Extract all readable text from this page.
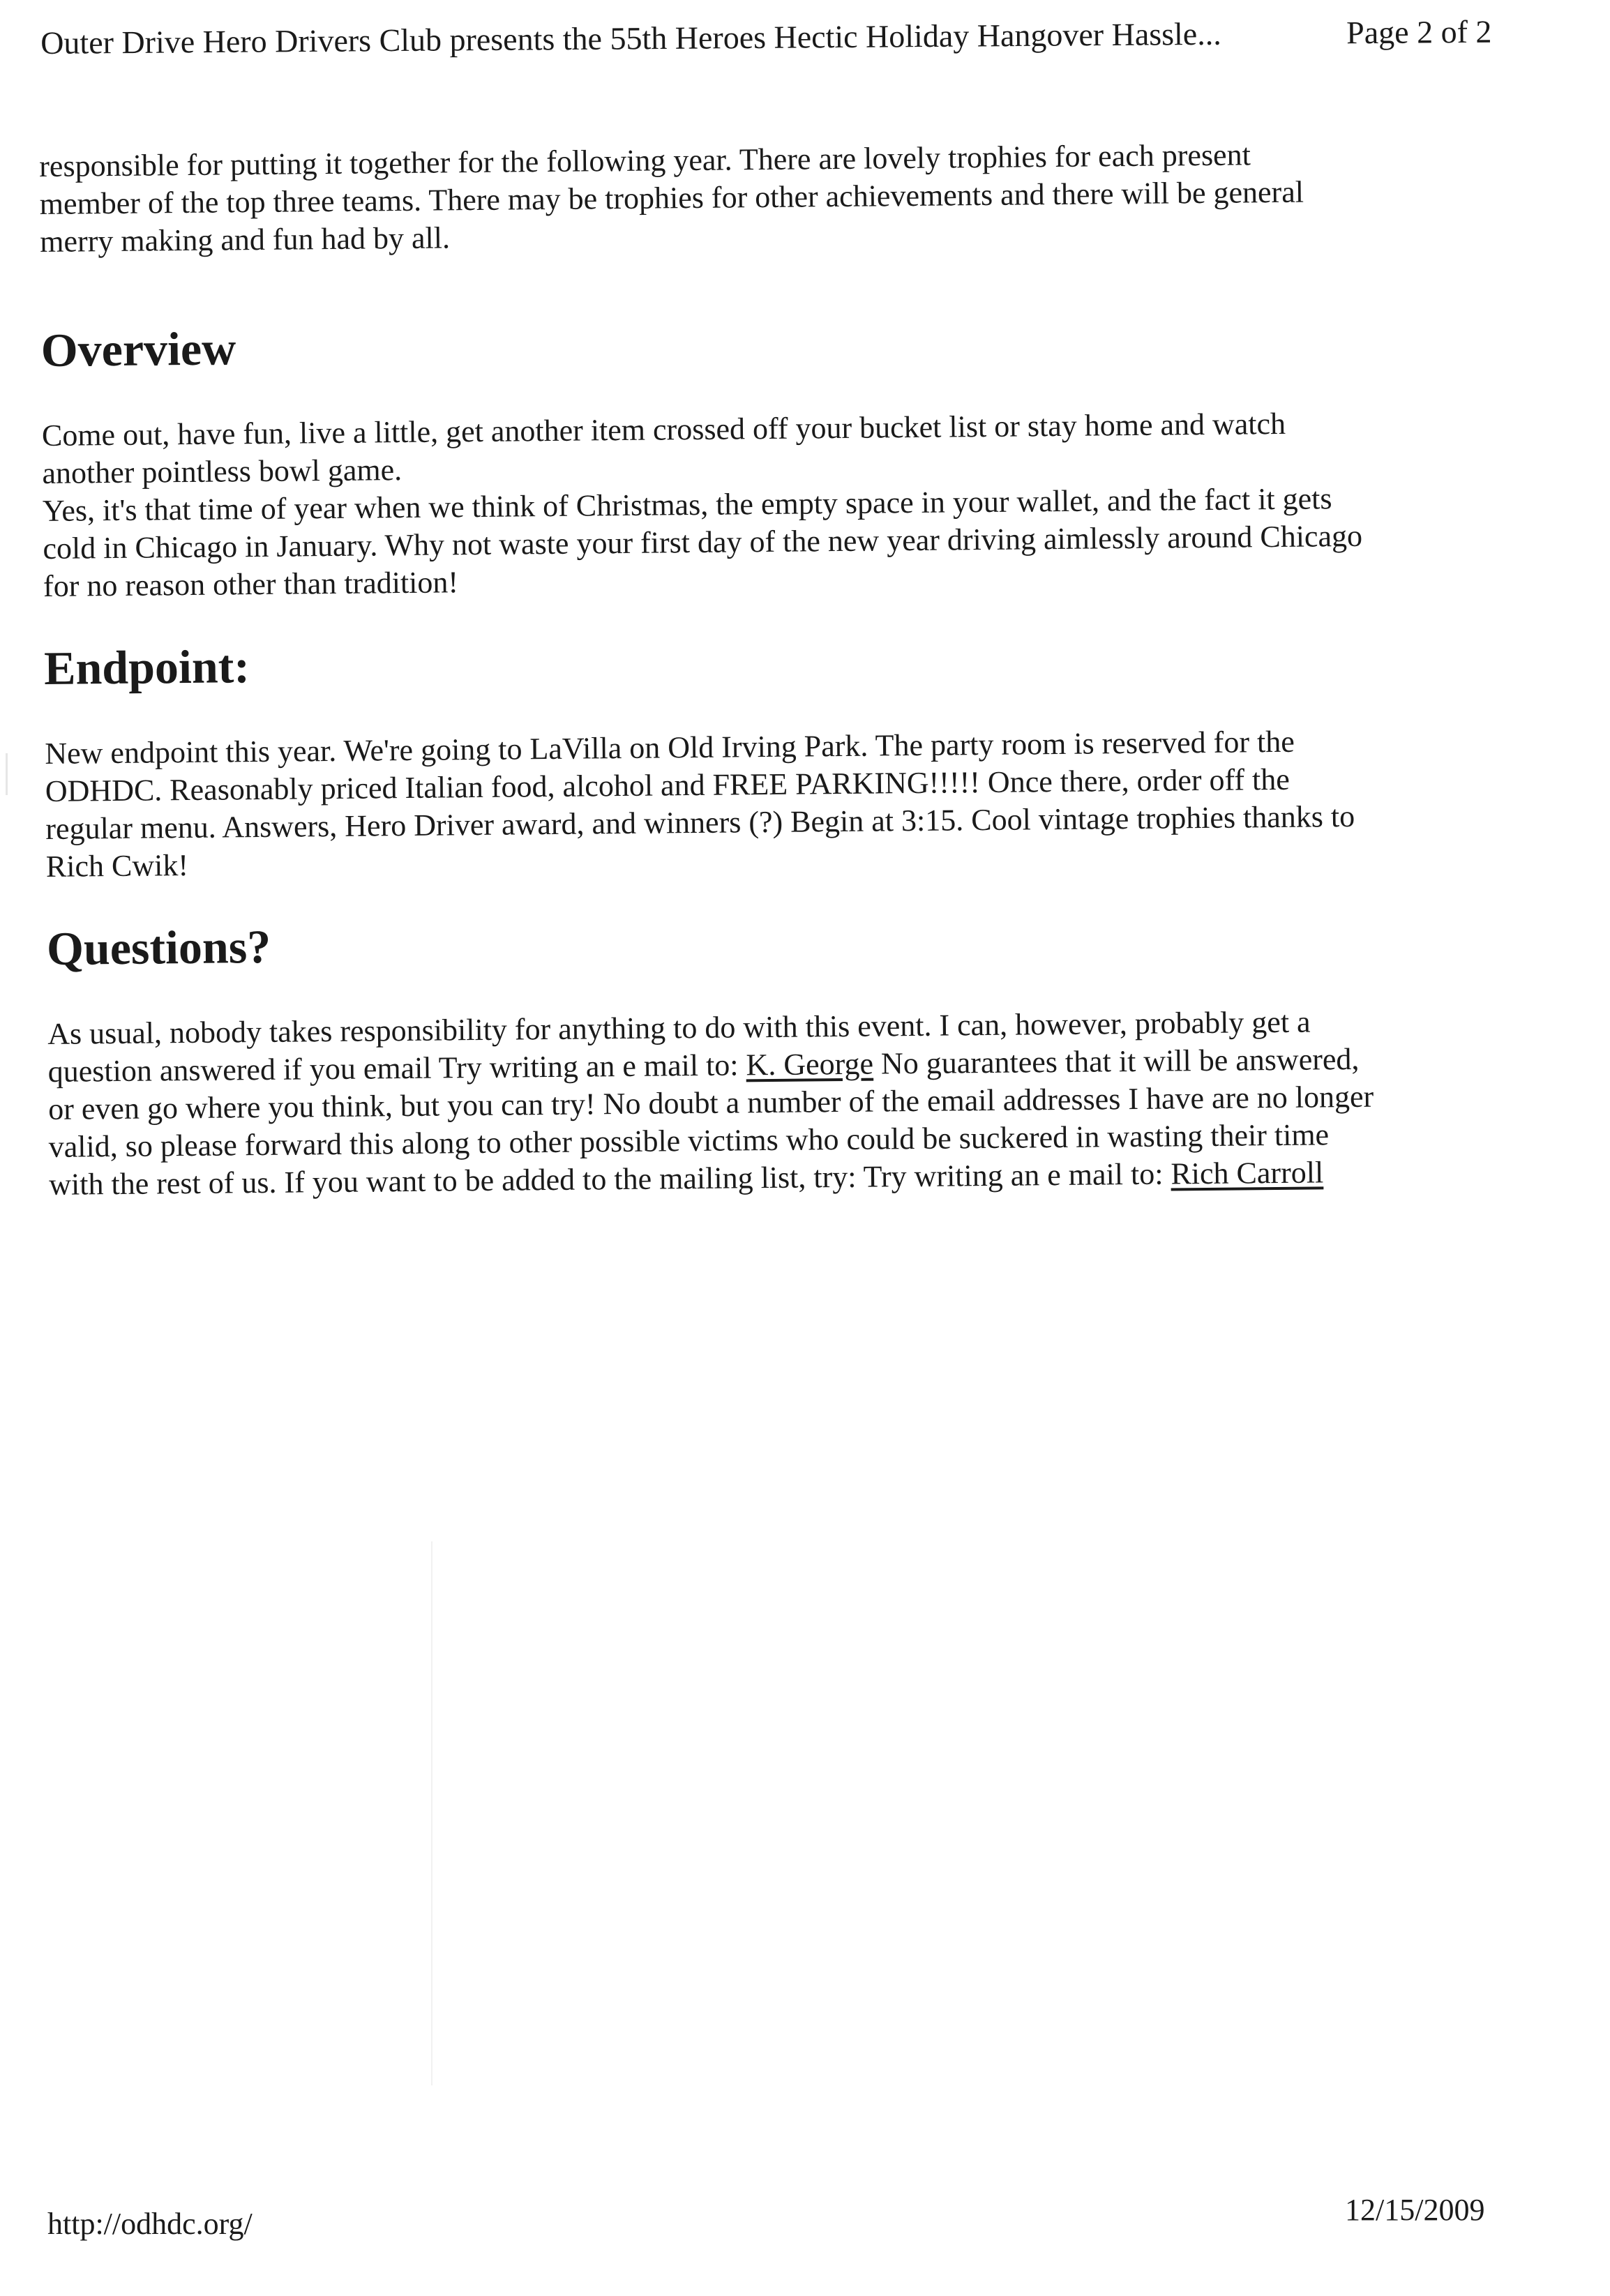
Outer Drive Hero Drivers Club presents the 55th Heroes Hectic Holiday Hangover Hassle...	Page 2 of 2
responsible for putting it together for the following year. There are lovely trophies for each present
member of the top three teams. There may be trophies for other achievements and there will be general
merry making and fun had by all.
Overview
Come out, have fun, live a little, get another item crossed off your bucket list or stay home and watch
another pointless bowl game.
Yes, it's that time of year when we think of Christmas, the empty space in your wallet, and the fact it gets
cold in Chicago in January. Why not waste your first day of the new year driving aimlessly around Chicago
for no reason other than tradition!
Endpoint:
New endpoint this year. We're going to LaVilla on Old Irving Park. The party room is reserved for the
ODHDC. Reasonably priced Italian food, alcohol and FREE PARKING!!!!! Once there, order off the
regular menu. Answers, Hero Driver award, and winners (?) Begin at 3:15. Cool vintage trophies thanks to
Rich Cwik!
Questions?
As usual, nobody takes responsibility for anything to do with this event. I can, however, probably get a
question answered if you email Try writing an e mail to: K. George No guarantees that it will be answered,
or even go where you think, but you can try! No doubt a number of the email addresses I have are no longer
valid, so please forward this along to other possible victims who could be suckered in wasting their time
with the rest of us. If you want to be added to the mailing list, try: Try writing an e mail to: Rich Carroll
http://odhdc.org/	12/15/2009
